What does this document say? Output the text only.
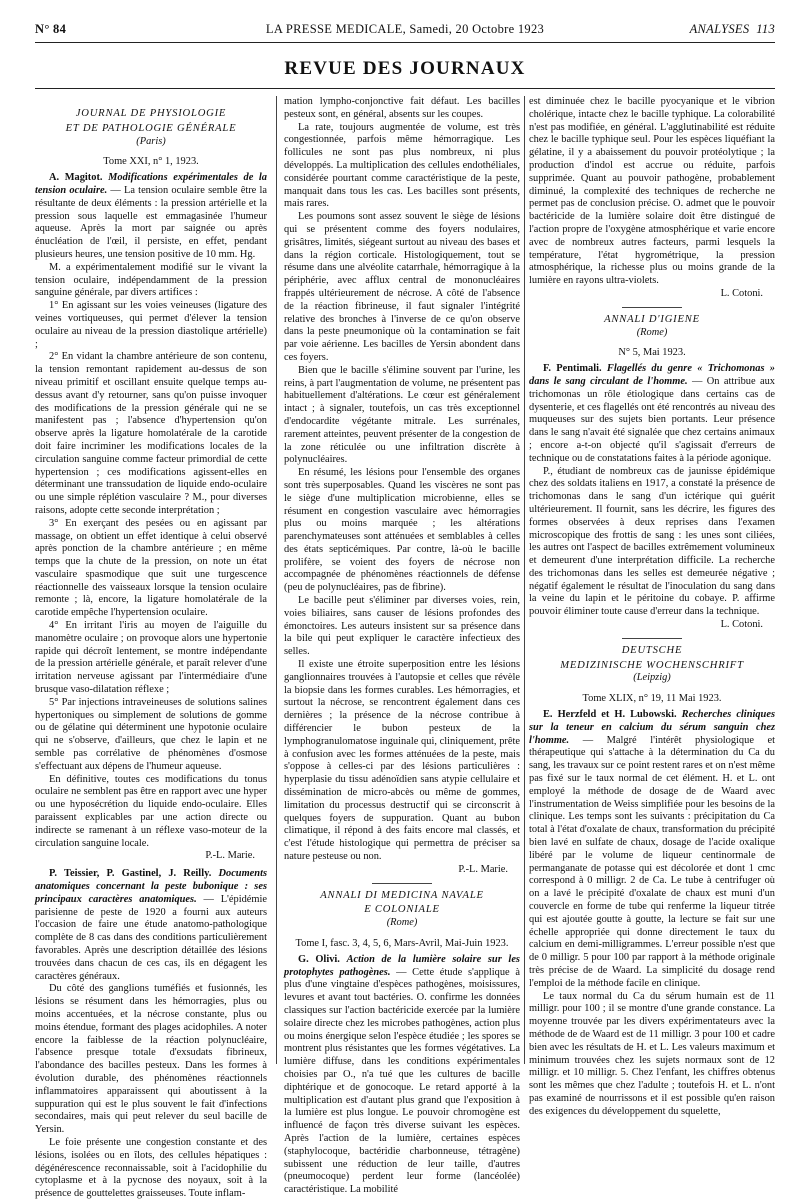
N° 84	LA PRESSE MEDICALE, Samedi, 20 Octobre 1923	ANALYSES 113
REVUE DES JOURNAUX

JOURNAL DE PHYSIOLOGIE

ET DE PATHOLOGIE GÉNÉRALE

(Paris)

Tome XXI, n° 1, 1923.

A. Magitot. Modifications expérimentales de la tension oculaire. — La tension oculaire semble être la résultante de deux éléments : la pression artérielle et la pression sous laquelle est emmagasinée l'humeur aqueuse. Après la mort par saignée ou après énucléation de l'œil, il persiste, en effet, pendant plusieurs heures, une tension positive de 10 mm. Hg.

M. a expérimentalement modifié sur le vivant la tension oculaire, indépendamment de la pression sanguine générale, par divers artifices :

1° En agissant sur les voies veineuses (ligature des veines vortiqueuses, qui permet d'élever la tension oculaire au niveau de la pression diastolique artérielle) ;

2° En vidant la chambre antérieure de son contenu, la tension remontant rapidement au-dessus de son niveau primitif et oscillant ensuite quelque temps au-dessus avant d'y retourner, sans qu'on puisse invoquer des modifications de la pression générale qui ne se manifestent pas ; l'absence d'hypertension qu'on observe après la ligature homolatérale de la carotide doit faire incriminer les modifications locales de la circulation sanguine comme facteur primordial de cette hypertension ; ces modifications agissent-elles en déterminant une transsudation de liquide endo-oculaire ou une simple réplétion vasculaire ? M., pour diverses raisons, adopte cette seconde interprétation ;

3° En exerçant des pesées ou en agissant par massage, on obtient un effet identique à celui observé après ponction de la chambre antérieure ; en même temps que la chute de la pression, on note un état vasculaire spasmodique que suit une turgescence réactionnelle des vaisseaux lorsque la tension oculaire remonte ; là, encore, la ligature homolatérale de la carotide empêche l'hypertension oculaire.

4° En irritant l'iris au moyen de l'aiguille du manomètre oculaire ; on provoque alors une hypertonie rapide qui décroît lentement, se montre indépendante de la pression artérielle générale, et paraît relever d'une irritation nerveuse agissant par l'intermédiaire d'une brusque vaso-dilatation réflexe ;

5° Par injections intraveineuses de solutions salines hypertoniques ou simplement de solutions de gomme ou de gélatine qui déterminent une hypotonie oculaire qui ne s'observe, d'ailleurs, que chez le lapin et ne semble pas corrélative de phénomènes d'osmose s'effectuant aux dépens de l'humeur aqueuse.

En définitive, toutes ces modifications du tonus oculaire ne semblent pas être en rapport avec une hyper ou une hyposécrétion du liquide endo-oculaire. Elles paraissent explicables par une action directe ou indirecte se ramenant à un réflexe vaso-moteur de la circulation sanguine locale.

P.-L. Marie.

P. Teissier, P. Gastinel, J. Reilly. Documents anatomiques concernant la peste bubonique : ses principaux caractères anatomiques. — L'épidémie parisienne de peste de 1920 a fourni aux auteurs l'occasion de faire une étude anatomo-pathologique complète de 8 cas dans des conditions particulièrement favorables. Après une description détaillée des lésions trouvées dans chacun de ces cas, ils en dégagent les caractères généraux.

Du côté des ganglions tuméfiés et fusionnés, les lésions se résument dans les hémorragies, plus ou moins accentuées, et la nécrose constante, plus ou moins étendue, formant des plages acidophiles. A noter encore la faiblesse de la réaction polynucléaire, l'absence presque totale d'exsudats fibrineux, l'abondance des bacilles pesteux. Dans les formes à évolution durable, des phénomènes réactionnels inflammatoires apparaissent qui aboutissent à la suppuration qui est le plus souvent le fait d'infections secondaires, mais qui peut relever du seul bacille de Yersin.

Le foie présente une congestion constante et des lésions, isolées ou en îlots, des cellules hépatiques : dégénérescence reconnaissable, soit à l'acidophilie du cytoplasme et à la pycnose des noyaux, soit à la présence de gouttelettes graisseuses. Toute inflam-

mation lympho-conjonctive fait défaut. Les bacilles pesteux sont, en général, absents sur les coupes.

La rate, toujours augmentée de volume, est très congestionnée, parfois même hémorragique. Les follicules ne sont pas plus nombreux, ni plus développés. La multiplication des cellules endothéliales, considérée pourtant comme caractéristique de la peste, manquait dans tous les cas. Les bacilles sont présents, mais rares.

Les poumons sont assez souvent le siège de lésions qui se présentent comme des foyers nodulaires, grisâtres, limités, siégeant surtout au niveau des bases et dans la région corticale. Histologiquement, tout se résume dans une alvéolite catarrhale, hémorragique à la périphérie, avec afflux central de mononucléaires frappés ultérieurement de nécrose. A côté de l'absence de la réaction fibrineuse, il faut signaler l'intégrité relative des bronches à l'inverse de ce qu'on observe dans la peste pneumonique où la contamination se fait par voie aérienne. Les bacilles de Yersin abondent dans ces foyers.

Bien que le bacille s'élimine souvent par l'urine, les reins, à part l'augmentation de volume, ne présentent pas habituellement d'altérations. Le cœur est généralement intact ; à signaler, toutefois, un cas très exceptionnel d'endocardite végétante mitrale. Les surrénales, rarement atteintes, peuvent présenter de la congestion de la zone réticulée ou une infiltration discrète à polynucléaires.

En résumé, les lésions pour l'ensemble des organes sont très superposables. Quand les viscères ne sont pas le siège d'une multiplication microbienne, elles se résument en congestion vasculaire avec hémorragies plus ou moins marquée ; les altérations parenchymateuses sont atténuées et semblables à celles des états septicémiques. Par contre, là-où le bacille prolifère, se voient des foyers de nécrose non accompagnée de phénomènes réactionnels de défense (peu de polynucléaires, pas de fibrine).

Le bacille peut s'éliminer par diverses voies, rein, voies biliaires, sans causer de lésions profondes des émonctoires. Les auteurs insistent sur sa présence dans la bile qui peut expliquer le caractère infectieux des selles.

Il existe une étroite superposition entre les lésions ganglionnaires trouvées à l'autopsie et celles que révèle la biopsie dans les formes curables. Les hémorragies, et surtout la nécrose, se rencontrent également dans ces dernières ; la présence de la nécrose contribue à différencier le bubon pesteux de la lymphogranulomatose inguinale qui, cliniquement, prête à confusion avec les formes atténuées de la peste, mais s'oppose à celles-ci par des lésions particulières : hyperplasie du tissu adénoïdien sans atypie cellulaire et dissémination de micro-abcès ou même de gommes, limitation du processus destructif qui se circonscrit à quelques foyers de suppuration. Quant au bubon climatique, il répond à des faits encore mal classés, et c'est l'étude histologique qui permettra de préciser sa nature pesteuse ou non.

P.-L. Marie.

ANNALI DI MEDICINA NAVALE

E COLONIALE

(Rome)

Tome I, fasc. 3, 4, 5, 6, Mars-Avril, Mai-Juin 1923.

G. Olivi. Action de la lumière solaire sur les protophytes pathogènes. — Cette étude s'applique à plus d'une vingtaine d'espèces pathogènes, moisissures, levures et avant tout bactéries. O. confirme les données classiques sur l'action bactéricide exercée par la lumière solaire directe chez les microbes pathogènes, action plus ou moins énergique selon l'espèce étudiée ; les spores se montrent plus résistantes que les formes végétatives. La lumière diffuse, dans les conditions expérimentales choisies par O., n'a tué que les cultures de bacille diphtérique et de gonocoque. Le retard apporté à la multiplication est d'autant plus grand que l'exposition à la lumière est plus longue. Le pouvoir chromogène est influencé de façon très diverse suivant les espèces. Après l'action de la lumière, certaines espèces (staphylocoque, bactéridie charbonneuse, tétragène) subissent une réduction de leur taille, d'autres (pneumocoque) perdent leur forme (lancéolée) caractéristique. La mobilité

est diminuée chez le bacille pyocyanique et le vibrion cholérique, intacte chez le bacille typhique. La colorabilité n'est pas modifiée, en général. L'agglutinabilité est réduite chez le bacille typhique seul. Pour les espèces liquéfiant la gélatine, il y a abaissement du pouvoir protéolytique ; la production d'indol est accrue ou réduite, parfois supprimée. Quant au pouvoir pathogène, probablement diminué, la complexité des techniques de recherche ne permet pas de conclusion précise. O. admet que le pouvoir bactéricide de la lumière solaire doit être distingué de l'action propre de l'oxygène atmosphérique et varie encore avec de nombreux autres facteurs, parmi lesquels la température, l'état hygrométrique, la pression atmosphérique, la richesse plus ou moins grande de la lumière en rayons ultra-violets.

L. Cotoni.

ANNALI D'IGIENE

(Rome)

N° 5, Mai 1923.

F. Pentimali. Flagellés du genre « Trichomonas » dans le sang circulant de l'homme. — On attribue aux trichomonas un rôle étiologique dans certains cas de dysenterie, et ces flagellés ont été rencontrés au niveau des muqueuses sur des sujets bien portants. Leur présence dans le sang n'avait été signalée que chez certains animaux ; encore a-t-on objecté qu'il s'agissait d'erreurs de technique ou de constatations faites à la période agonique.

P., étudiant de nombreux cas de jaunisse épidémique chez des soldats italiens en 1917, a constaté la présence de trichomonas dans le sang d'un ictérique qui guérit ultérieurement. Il fournit, sans les décrire, les figures des formes observées à deux reprises dans l'examen microscopique des frottis de sang : les unes sont ciliées, les autres ont l'aspect de bacilles extrêmement volumineux et demeurent d'une interprétation difficile. La recherche des trichomonas dans les selles est demeurée négative ; négatif également le résultat de l'inoculation du sang dans la veine du lapin et le péritoine du cobaye. P. affirme pouvoir éliminer toute cause d'erreur dans la technique.

L. Cotoni.

DEUTSCHE

MEDIZINISCHE WOCHENSCHRIFT

(Leipzig)

Tome XLIX, n° 19, 11 Mai 1923.

E. Herzfeld et H. Lubowski. Recherches cliniques sur la teneur en calcium du sérum sanguin chez l'homme. — Malgré l'intérêt physiologique et thérapeutique qui s'attache à la détermination du Ca du sang, les travaux sur ce point restent rares et on n'est même pas fixé sur le taux normal de cet élément. H. et L. ont employé la méthode de dosage de de Waard avec l'instrumentation de Weiss simplifiée pour les besoins de la clinique. Les temps sont les suivants : précipitation du Ca total à l'état d'oxalate de chaux, transformation du précipité bien lavé en sulfate de chaux, dosage de l'acide oxalique libéré par le volume de liqueur centinormale de permanganate de potasse qui est décolorée et dont 1 cmc correspond à 0 milligr. 2 de Ca. Le tube à centrifuger où on a lavé le précipité d'oxalate de chaux est muni d'un couvercle en forme de tube qui renferme la liqueur titrée qui est ajoutée goutte à goutte, la lecture se fait sur une échelle appropriée qui donne directement le taux du calcium en demi-milligrammes. L'erreur possible n'est que de 0 milligr. 5 pour 100 par rapport à la méthode originale très précise de de Waard. La simplicité du dosage rend l'emploi de la méthode facile en clinique.

Le taux normal du Ca du sérum humain est de 11 milligr. pour 100 ; il se montre d'une grande constance. La moyenne trouvée par les divers expérimentateurs avec la méthode de de Waard est de 11 milligr. 3 pour 100 et cadre bien avec les résultats de H. et L. Les valeurs maximum et minimum trouvées chez les sujets normaux sont de 12 milligr. et 10 milligr. 5. Chez l'enfant, les chiffres obtenus sont les mêmes que chez l'adulte ; toutefois H. et L. n'ont pas examiné de nourrissons et il est possible qu'en raison des exigences du développement du squelette,
